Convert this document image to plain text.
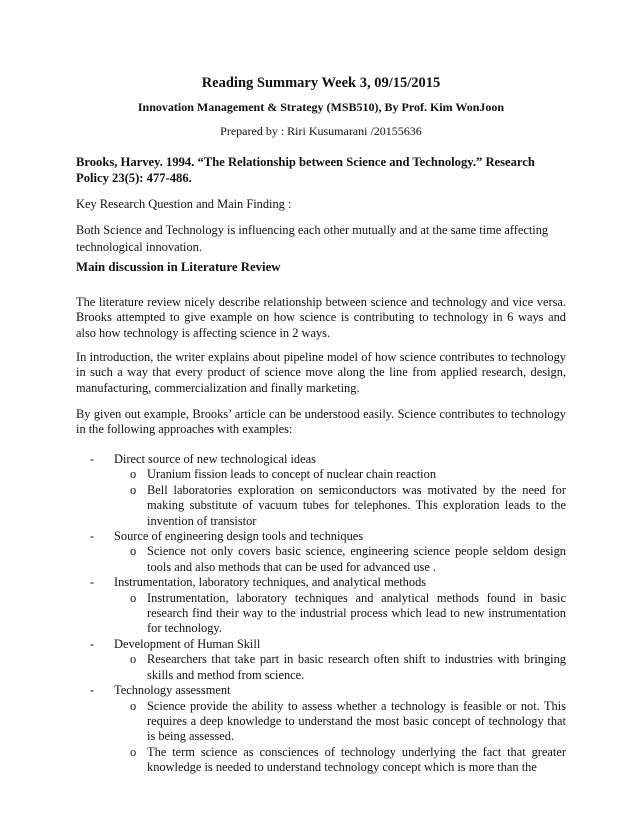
Reading Summary Week 3, 09/15/2015
Innovation Management & Strategy (MSB510), By Prof. Kim WonJoon
Prepared by : Riri Kusumarani /20155636
Brooks, Harvey. 1994. “The Relationship between Science and Technology.” Research Policy 23(5): 477-486.
Key Research Question and Main Finding :
Both Science and Technology is influencing each other mutually and at the same time affecting technological innovation.
Main discussion in Literature Review
The literature review nicely describe relationship between science and technology and vice versa. Brooks attempted to give example on how science is contributing to technology in 6 ways and also how technology is affecting science in 2 ways.
In introduction, the writer explains about pipeline model of how science contributes to technology in such a way that every product of science move along the line from applied research, design, manufacturing, commercialization and finally marketing.
By given out example, Brooks’ article can be understood easily. Science contributes to technology in the following approaches with examples:
- Direct source of new technological ideas
o Uranium fission leads to concept of nuclear chain reaction
o Bell laboratories exploration on semiconductors was motivated by the need for making substitute of vacuum tubes for telephones. This exploration leads to the invention of transistor
- Source of engineering design tools and techniques
o Science not only covers basic science, engineering science people seldom design tools and also methods that can be used for advanced use .
- Instrumentation, laboratory techniques, and analytical methods
o Instrumentation, laboratory techniques and analytical methods found in basic research find their way to the industrial process which lead to new instrumentation for technology.
- Development of Human Skill
o Researchers that take part in basic research often shift to industries with bringing skills and method from science.
- Technology assessment
o Science provide the ability to assess whether a technology is feasible or not. This requires a deep knowledge to understand the most basic concept of technology that is being assessed.
o The term science as consciences of technology underlying the fact that greater knowledge is needed to understand technology concept which is more than the
